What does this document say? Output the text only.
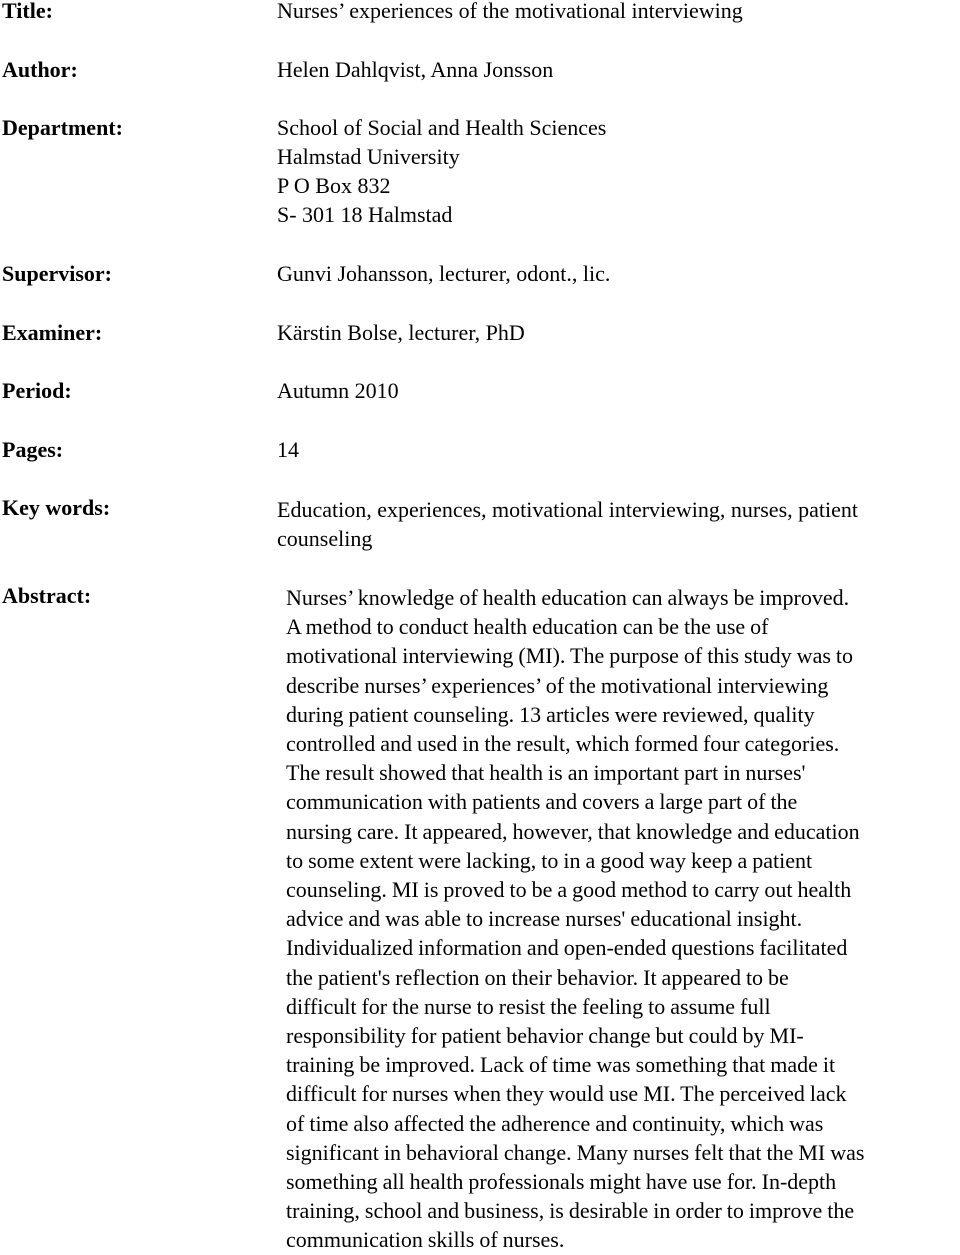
Title:
Author:
Department:
Supervisor:
Examiner:
Period:
Pages:
Key words:
Abstract:
Nurses’ experiences of the motivational interviewing
Helen Dahlqvist, Anna Jonsson
School of Social and Health Sciences
Halmstad University
P O Box 832
S- 301 18 Halmstad
Gunvi Johansson, lecturer, odont., lic.
Kärstin Bolse, lecturer, PhD
Autumn 2010
14
Education, experiences, motivational interviewing, nurses, patient
counseling
Nurses’ knowledge of health education can always be improved.
A method to conduct health education can be the use of
motivational interviewing (MI). The purpose of this study was to
describe nurses’ experiences’ of the motivational interviewing
during patient counseling. 13 articles were reviewed, quality
controlled and used in the result, which formed four categories.
The result showed that health is an important part in nurses'
communication with patients and covers a large part of the
nursing care. It appeared, however, that knowledge and education
to some extent were lacking, to in a good way keep a patient
counseling. MI is proved to be a good method to carry out health
advice and was able to increase nurses' educational insight.
Individualized information and open-ended questions facilitated
the patient's reflection on their behavior. It appeared to be
difficult for the nurse to resist the feeling to assume full
responsibility for patient behavior change but could by MI-
training be improved. Lack of time was something that made it
difficult for nurses when they would use MI. The perceived lack
of time also affected the adherence and continuity, which was
significant in behavioral change. Many nurses felt that the MI was
something all health professionals might have use for. In-depth
training, school and business, is desirable in order to improve the
communication skills of nurses.
